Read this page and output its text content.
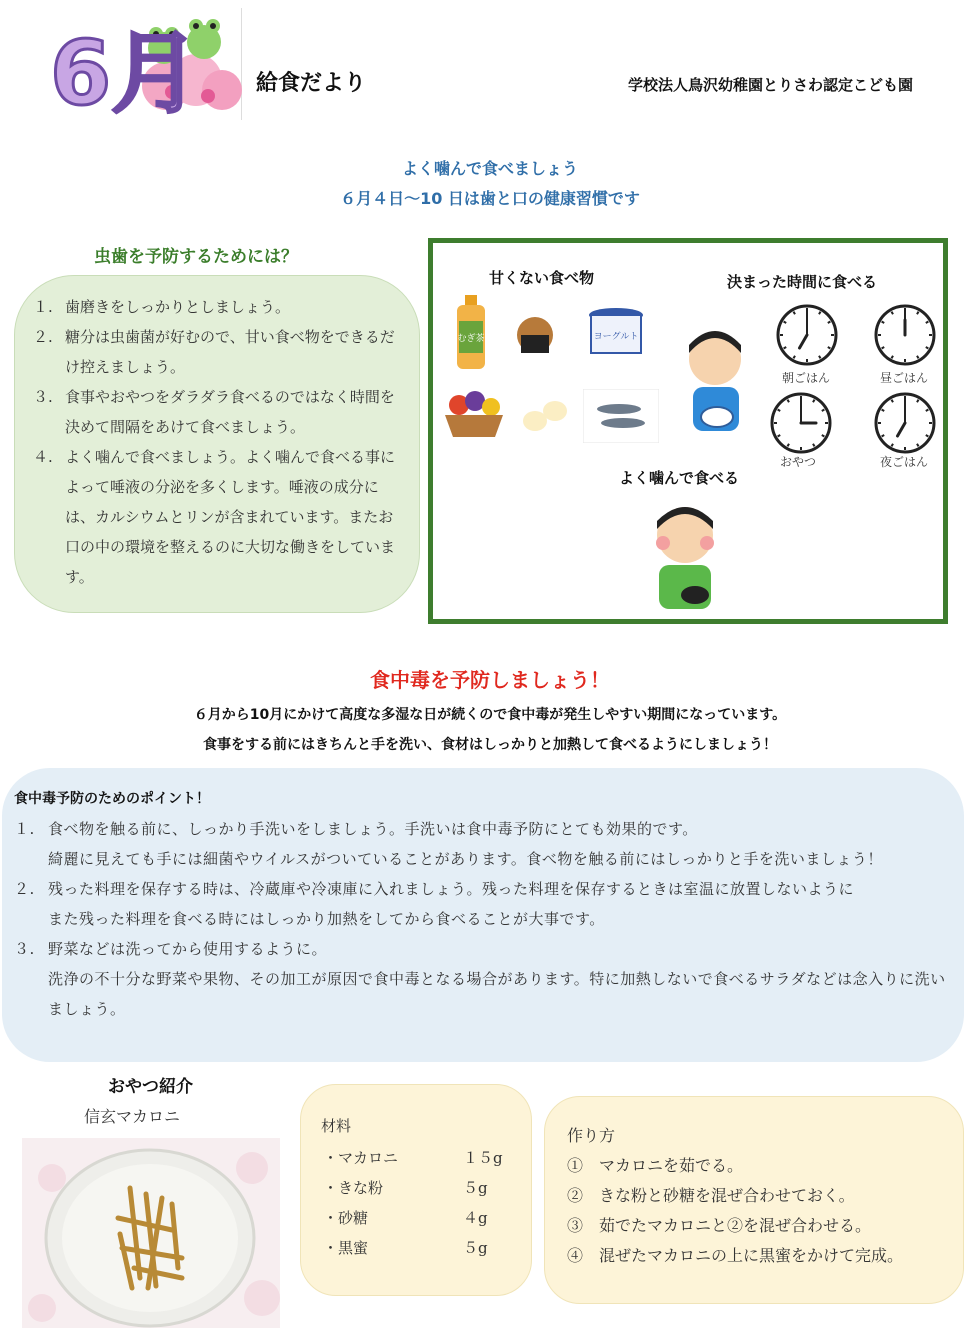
6月	給食だより	学校法人鳥沢幼稚園とりさわ認定こども園
よく噛んで食べましょう
６月４日～10 日は歯と口の健康習慣です
虫歯を予防するためには？
１. 歯磨きをしっかりとしましょう。
２. 糖分は虫歯菌が好むので、甘い食べ物をできるだけ控えましょう。
３. 食事やおやつをダラダラ食べるのではなく時間を決めて間隔をあけて食べましょう。
４. よく噛んで食べましょう。よく噛んで食べる事によって唾液の分泌を多くします。唾液の成分には、カルシウムとリンが含まれています。またお口の中の環境を整えるのに大切な働きをしています。
甘くない食べ物	決まった時間に食べる
むぎ茶	ヨーグルト
朝ごはん	昼ごはん
おやつ	夜ごはん
よく噛んで食べる
食中毒を予防しましょう！
６月から10月にかけて高度な多湿な日が続くので食中毒が発生しやすい期間になっています。
食事をする前にはきちんと手を洗い、食材はしっかりと加熱して食べるようにしましょう！
食中毒予防のためのポイント！
１. 食べ物を触る前に、しっかり手洗いをしましょう。手洗いは食中毒予防にとても効果的です。
綺麗に見えても手には細菌やウイルスがついていることがあります。食べ物を触る前にはしっかりと手を洗いましょう！
２. 残った料理を保存する時は、冷蔵庫や冷凍庫に入れましょう。残った料理を保存するときは室温に放置しないように
また残った料理を食べる時にはしっかり加熱をしてから食べることが大事です。
３. 野菜などは洗ってから使用するように。
洗浄の不十分な野菜や果物、その加工が原因で食中毒となる場合があります。特に加熱しないで食べるサラダなどは念入りに洗いましょう。
おやつ紹介
信玄マカロニ	材料
・マカロニ	１５g
・きな粉	５g
・砂糖	４g
・黒蜜	５g
作り方
①　マカロニを茹でる。
②　きな粉と砂糖を混ぜ合わせておく。
③　茹でたマカロニと②を混ぜ合わせる。
④　混ぜたマカロニの上に黒蜜をかけて完成。
